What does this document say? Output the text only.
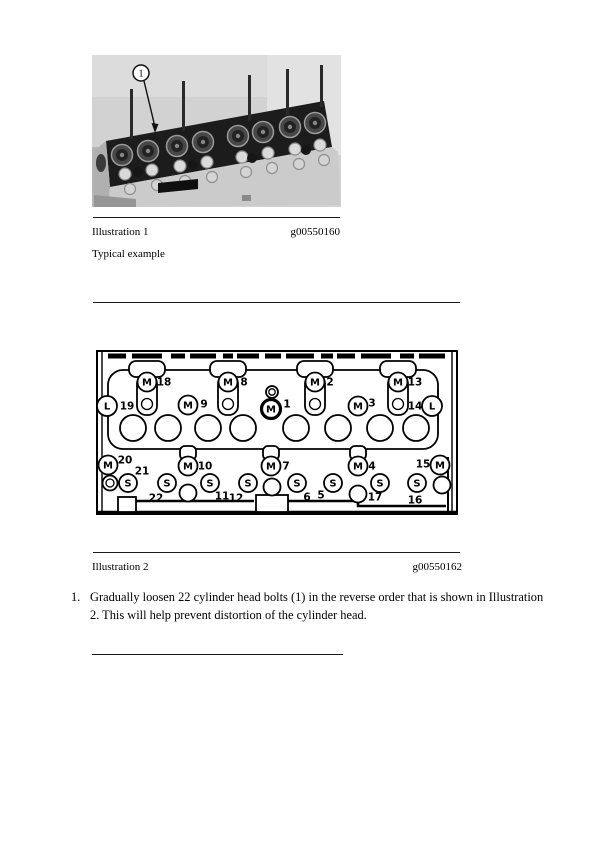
1
Illustration 1	g00550160
Typical example
M 18	M 8	M 2	M 13
L 19	M 9	M 1	M 3	L
14
M 20
M 10	M 7	M 4	M
15
S
21
S
22
S
11
S
12
S
6
S
5
S
17
S
16
Illustration 2	g00550162
1. Gradually loosen 22 cylinder head bolts (1) in the reverse order that is shown in Illustration 2. This will help prevent distortion of the cylinder head.
